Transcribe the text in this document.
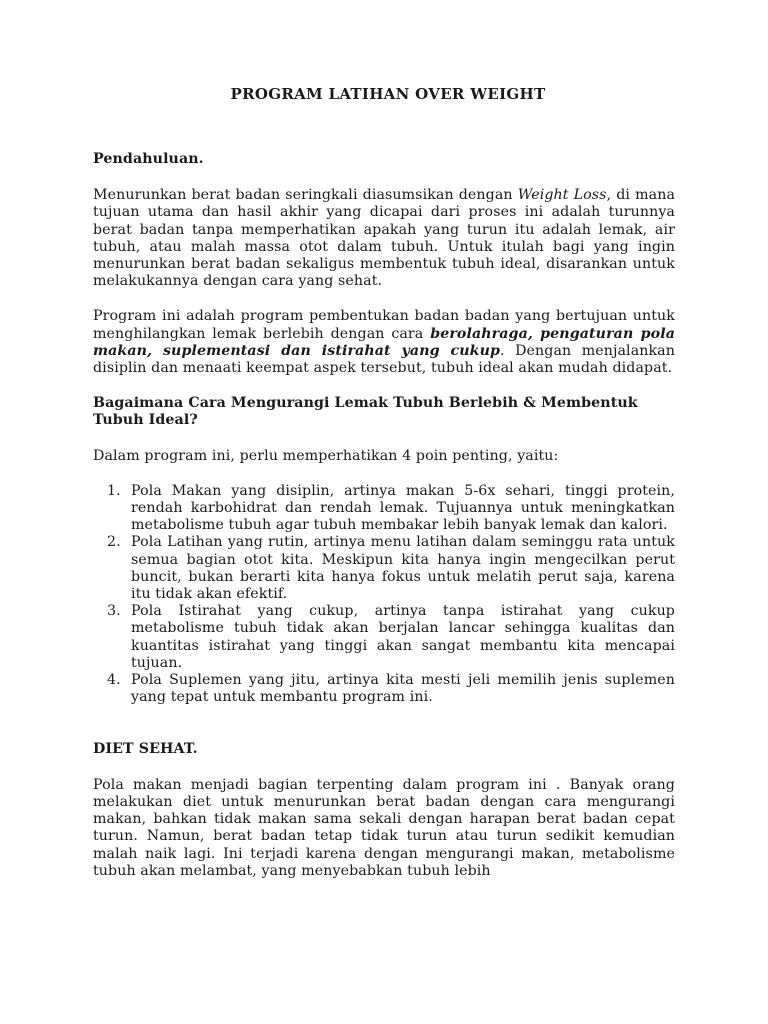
PROGRAM LATIHAN OVER WEIGHT

Pendahuluan.

Menurunkan berat badan seringkali diasumsikan dengan Weight Loss, di mana tujuan utama dan hasil akhir yang dicapai dari proses ini adalah turunnya berat badan tanpa memperhatikan apakah yang turun itu adalah lemak, air tubuh, atau malah massa otot dalam tubuh. Untuk itulah bagi yang ingin menurunkan berat badan sekaligus membentuk tubuh ideal, disarankan untuk melakukannya dengan cara yang sehat.

Program ini adalah program pembentukan badan badan yang bertujuan untuk menghilangkan lemak berlebih dengan cara berolahraga, pengaturan pola makan, suplementasi dan istirahat yang cukup. Dengan menjalankan disiplin dan menaati keempat aspek tersebut, tubuh ideal akan mudah didapat.

Bagaimana Cara Mengurangi Lemak Tubuh Berlebih & Membentuk Tubuh Ideal?

Dalam program ini, perlu memperhatikan 4 poin penting, yaitu:

1. Pola Makan yang disiplin, artinya makan 5-6x sehari, tinggi protein, rendah karbohidrat dan rendah lemak. Tujuannya untuk meningkatkan metabolisme tubuh agar tubuh membakar lebih banyak lemak dan kalori.
2. Pola Latihan yang rutin, artinya menu latihan dalam seminggu rata untuk semua bagian otot kita. Meskipun kita hanya ingin mengecilkan perut buncit, bukan berarti kita hanya fokus untuk melatih perut saja, karena itu tidak akan efektif.
3. Pola Istirahat yang cukup, artinya tanpa istirahat yang cukup metabolisme tubuh tidak akan berjalan lancar sehingga kualitas dan kuantitas istirahat yang tinggi akan sangat membantu kita mencapai tujuan.
4. Pola Suplemen yang jitu, artinya kita mesti jeli memilih jenis suplemen yang tepat untuk membantu program ini.

DIET SEHAT.

Pola makan menjadi bagian terpenting dalam program ini . Banyak orang melakukan diet untuk menurunkan berat badan dengan cara mengurangi makan, bahkan tidak makan sama sekali dengan harapan berat badan cepat turun. Namun, berat badan tetap tidak turun atau turun sedikit kemudian malah naik lagi. Ini terjadi karena dengan mengurangi makan, metabolisme tubuh akan melambat, yang menyebabkan tubuh lebih
